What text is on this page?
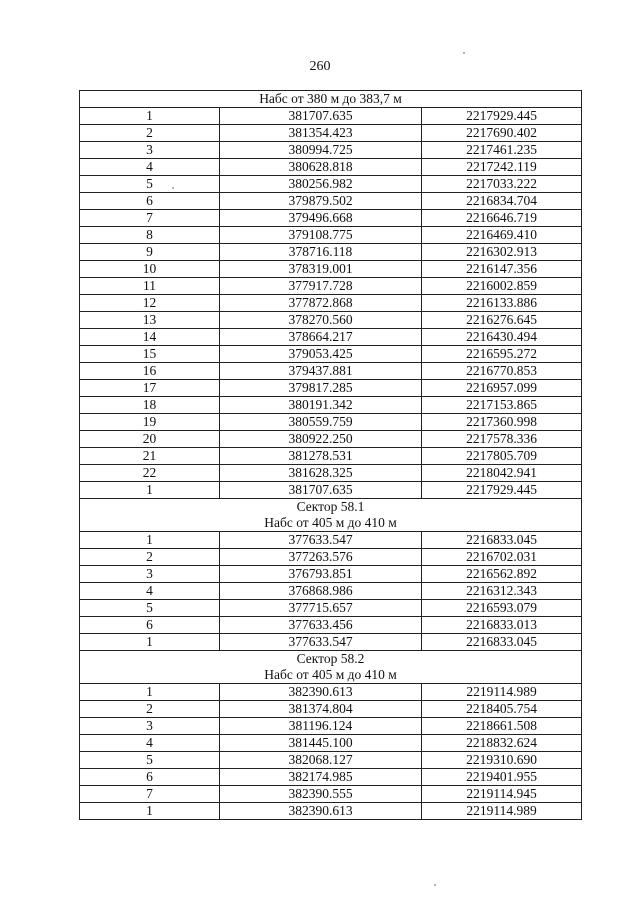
260
Набс от 380 м до 383,7 м		
1	381707.635	2217929.445
2	381354.423	2217690.402
3	380994.725	2217461.235
4	380628.818	2217242.119
5	380256.982	2217033.222
6	379879.502	2216834.704
7	379496.668	2216646.719
8	379108.775	2216469.410
9	378716.118	2216302.913
10	378319.001	2216147.356
11	377917.728	2216002.859
12	377872.868	2216133.886
13	378270.560	2216276.645
14	378664.217	2216430.494
15	379053.425	2216595.272
16	379437.881	2216770.853
17	379817.285	2216957.099
18	380191.342	2217153.865
19	380559.759	2217360.998
20	380922.250	2217578.336
21	381278.531	2217805.709
22	381628.325	2218042.941
1	381707.635	2217929.445
Сектор 58.1		
Набс от 405 м до 410 м		
1	377633.547	2216833.045
2	377263.576	2216702.031
3	376793.851	2216562.892
4	376868.986	2216312.343
5	377715.657	2216593.079
6	377633.456	2216833.013
1	377633.547	2216833.045
Сектор 58.2		
Набс от 405 м до 410 м		
1	382390.613	2219114.989
2	381374.804	2218405.754
3	381196.124	2218661.508
4	381445.100	2218832.624
5	382068.127	2219310.690
6	382174.985	2219401.955
7	382390.555	2219114.945
1	382390.613	2219114.989
